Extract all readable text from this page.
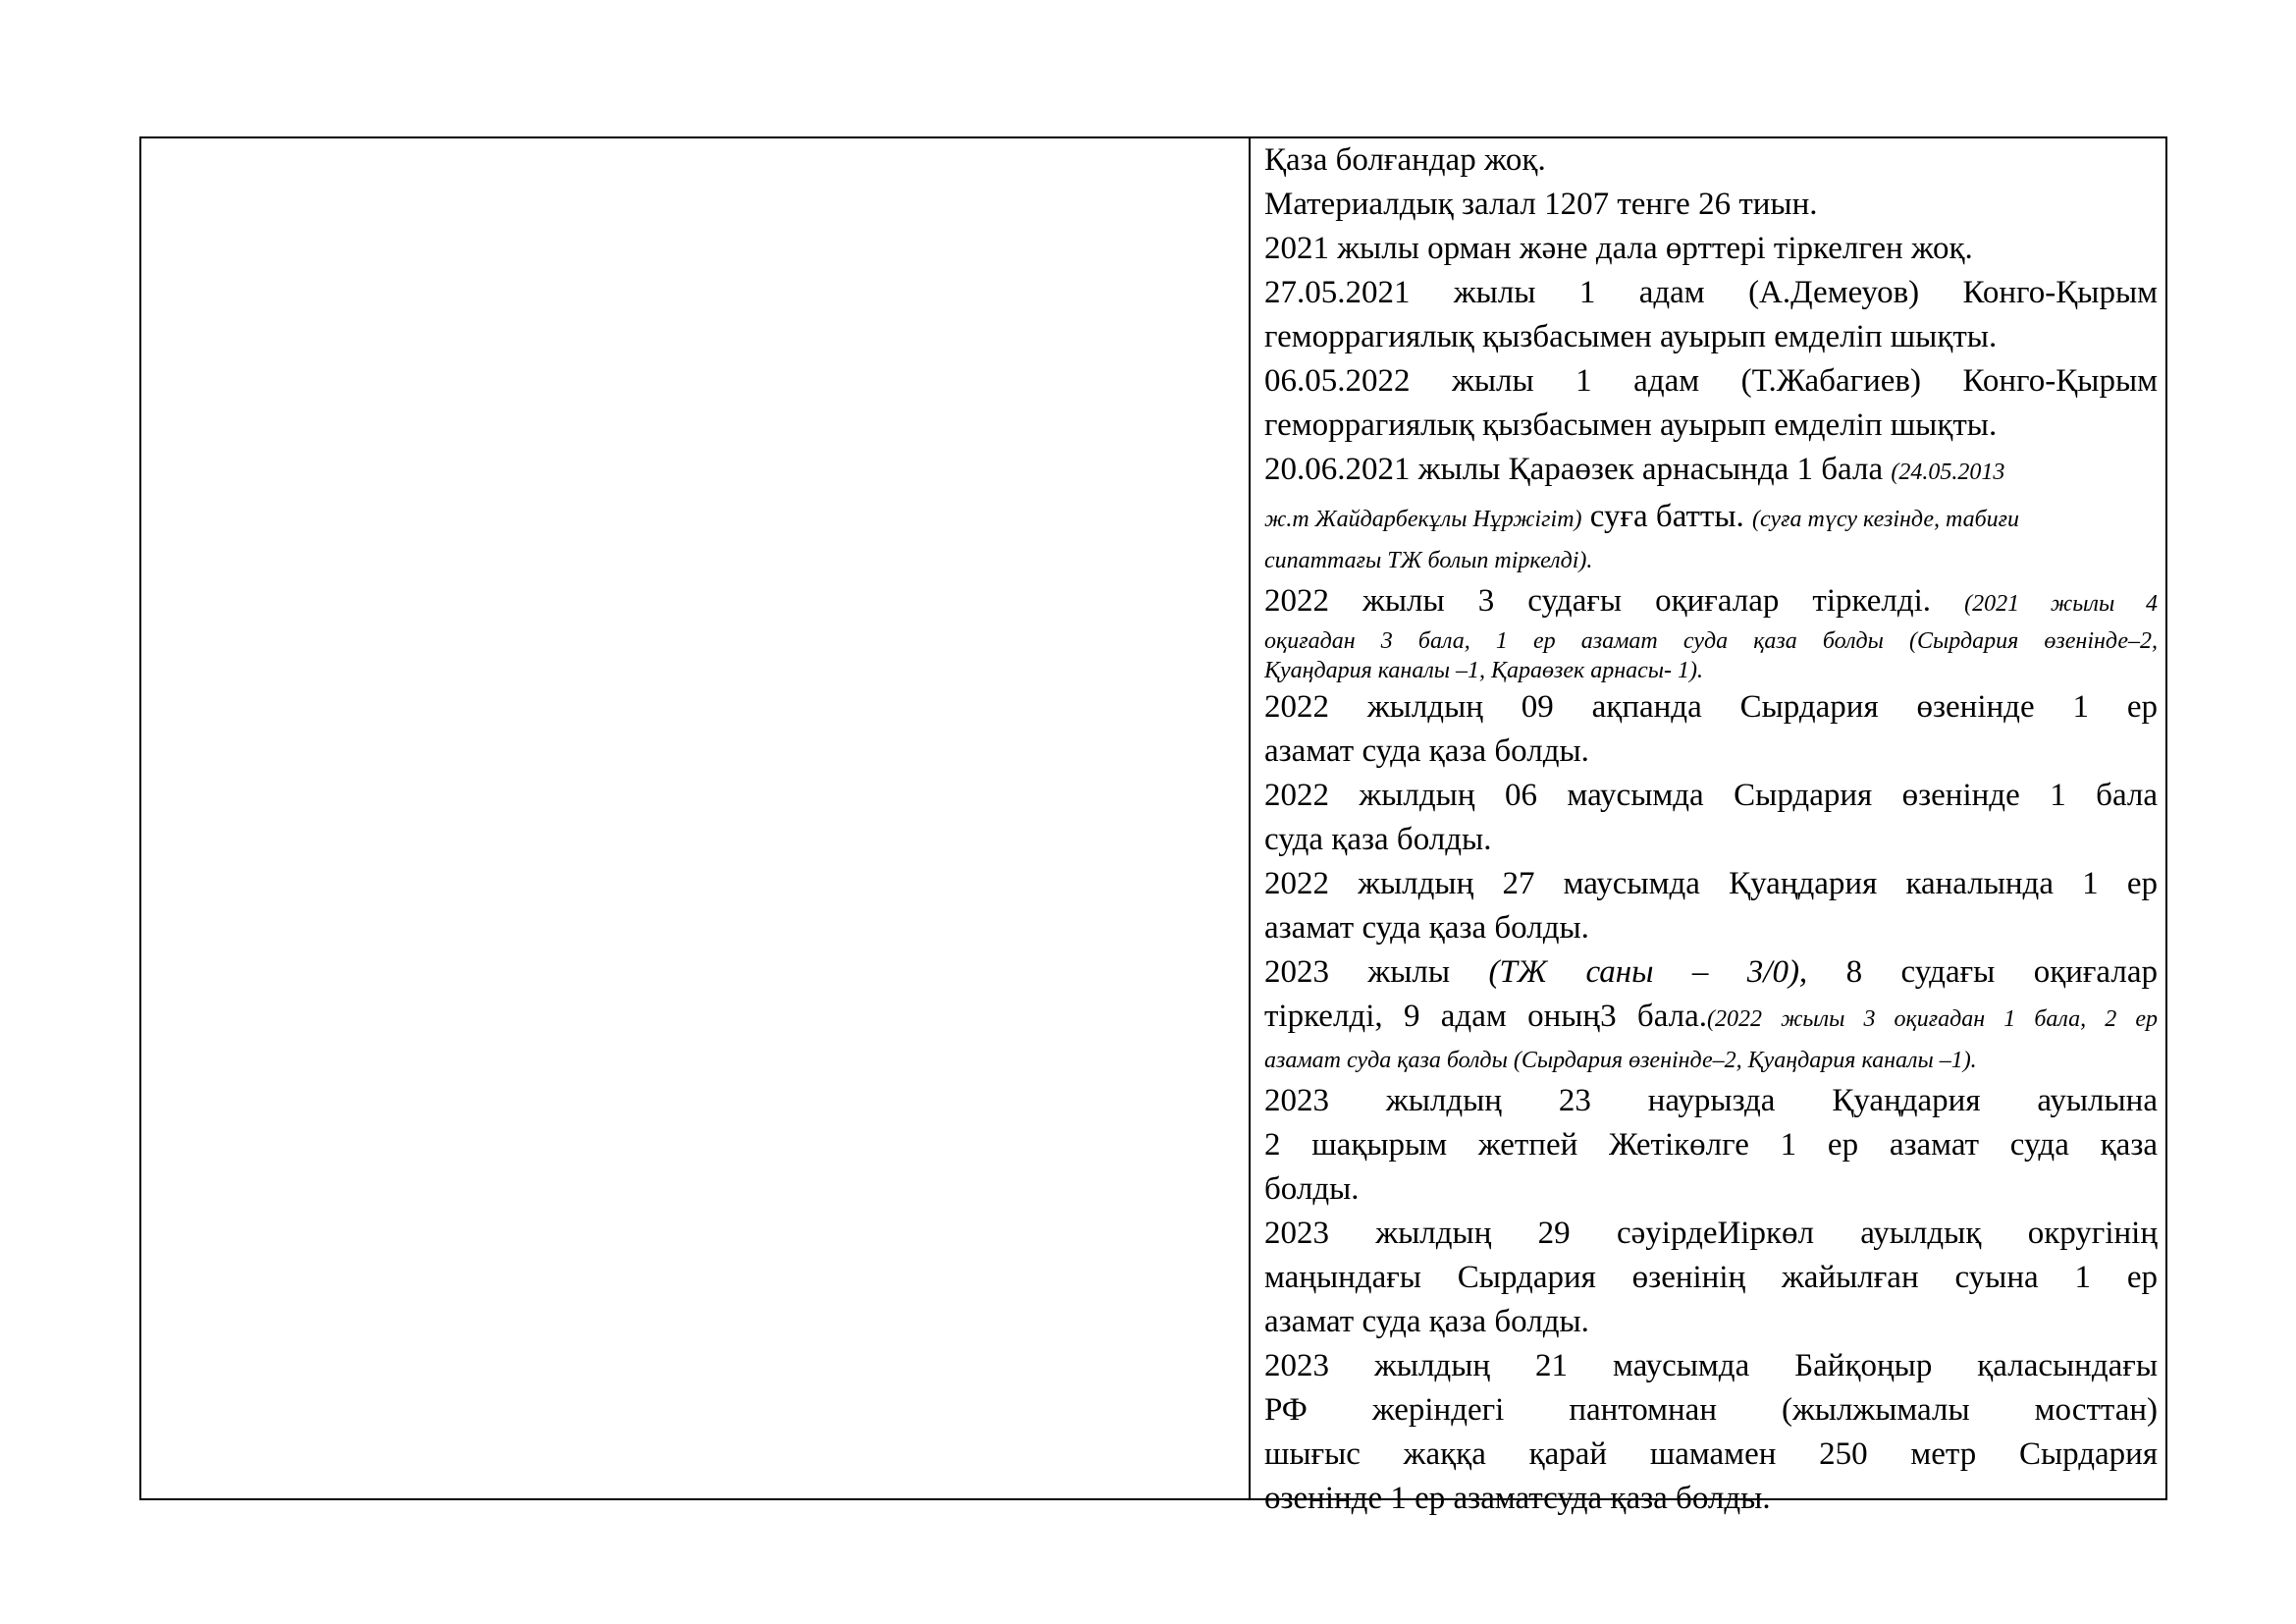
Қаза болғандар жоқ.
Материалдық залал 1207 тенге 26 тиын.
2021 жылы орман және дала өрттері тіркелген жоқ.
27.05.2021 жылы 1 адам (А.Демеуов) Конго-Қырым
геморрагиялық қызбасымен ауырып емделіп шықты.
06.05.2022 жылы 1 адам (Т.Жабагиев) Конго-Қырым
геморрагиялық қызбасымен ауырып емделіп шықты.
20.06.2021 жылы Қараөзек арнасында 1 бала (24.05.2013
ж.т Жайдарбекұлы Нұржігіт) суға батты. (суға түсу кезінде, табиғи
сипаттағы ТЖ болып тіркелді).
2022 жылы 3 судағы оқиғалар тіркелді. (2021 жылы 4
оқиғадан 3 бала, 1 ер азамат суда қаза болды (Сырдария өзенінде–2,
Қуаңдария каналы –1, Қараөзек арнасы- 1).
2022 жылдың 09 ақпанда Сырдария өзенінде 1 ер
азамат суда қаза болды.
2022 жылдың 06 маусымда Сырдария өзенінде 1 бала
суда қаза болды.
2022 жылдың 27 маусымда Қуаңдария каналында 1 ер
азамат суда қаза болды.
2023 жылы (ТЖ саны – 3/0), 8 судағы оқиғалар
тіркелді, 9 адам оның3 бала.(2022 жылы 3 оқиғадан 1 бала, 2 ер
азамат суда қаза болды (Сырдария өзенінде–2, Қуаңдария каналы –1).
2023 жылдың 23 наурызда Қуаңдария ауылына
2 шақырым жетпей Жетікөлге 1 ер азамат суда қаза
болды.
2023 жылдың 29 сәуірдеИіркөл ауылдық округінің
маңындағы Сырдария өзенінің жайылған суына 1 ер
азамат суда қаза болды.
2023 жылдың 21 маусымда Байқоңыр қаласындағы
РФ жеріндегі пантомнан (жылжымалы мосттан)
шығыс жаққа қарай шамамен 250 метр Сырдария
өзенінде 1 ер азаматсуда қаза болды.
